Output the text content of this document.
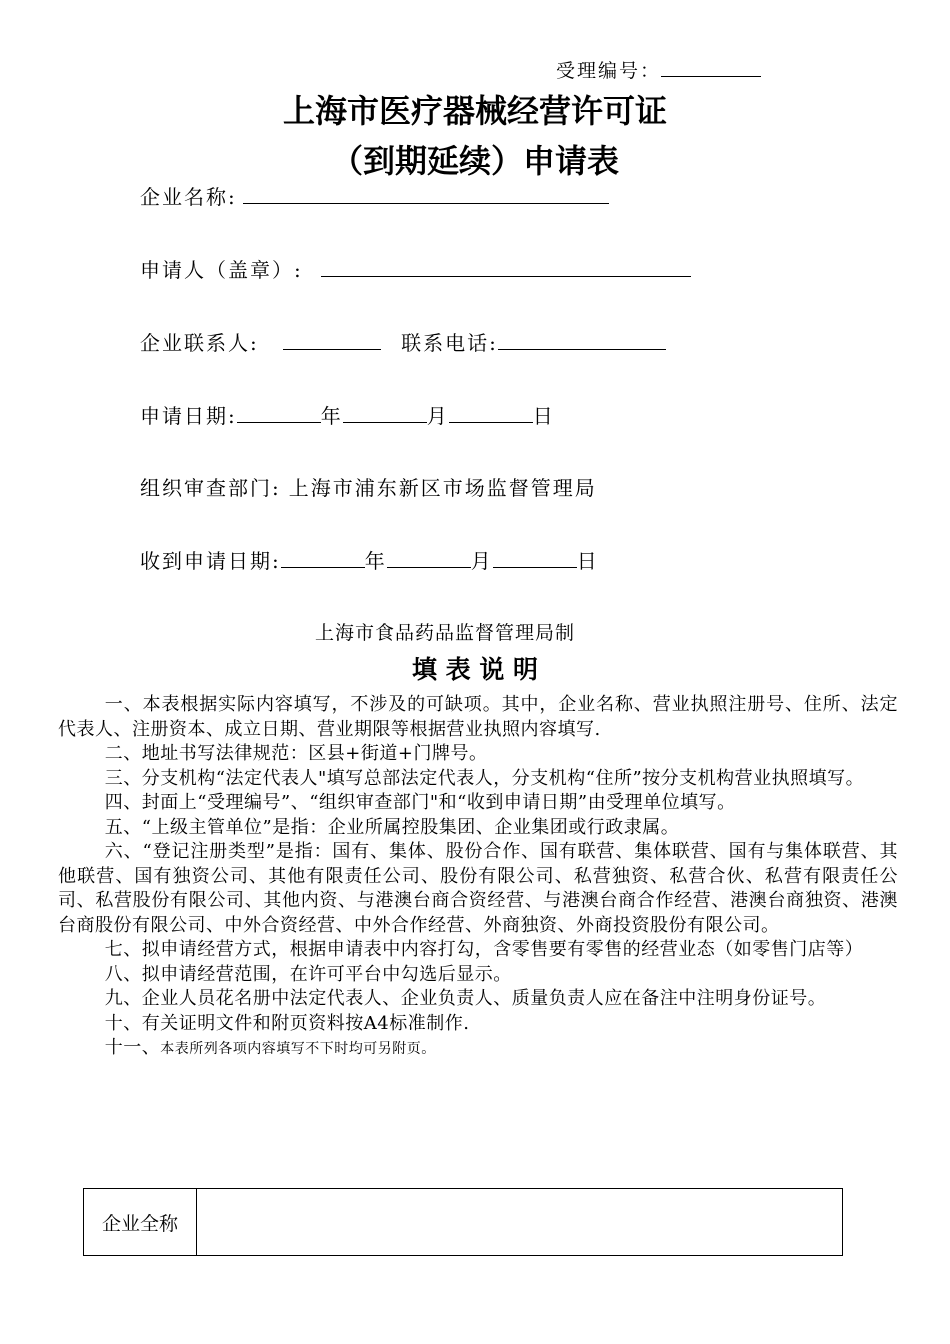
受理编号：
上海市医疗器械经营许可证
（到期延续）申请表
企业名称:
申请人（盖章）:
企业联系人:	联系电话:
申请日期:	年	月	日
组织审查部门: 上海市浦东新区市场监督管理局
收到申请日期:	年	月	日
上海市食品药品监督管理局制
填 表 说 明

一、本表根据实际内容填写，不涉及的可缺项。其中，企业名称、营业执照注册号、住所、法定代表人、注册资本、成立日期、营业期限等根据营业执照内容填写.

二、地址书写法律规范：区县+街道+门牌号。

三、分支机构“法定代表人"填写总部法定代表人，分支机构“住所”按分支机构营业执照填写。

四、封面上“受理编号”、“组织审查部门"和“收到申请日期”由受理单位填写。

五、“上级主管单位”是指：企业所属控股集团、企业集团或行政隶属。

六、“登记注册类型”是指：国有、集体、股份合作、国有联营、集体联营、国有与集体联营、其他联营、国有独资公司、其他有限责任公司、股份有限公司、私营独资、私营合伙、私营有限责任公司、私营股份有限公司、其他内资、与港澳台商合资经营、与港澳台商合作经营、港澳台商独资、港澳台商股份有限公司、中外合资经营、中外合作经营、外商独资、外商投资股份有限公司。

七、拟申请经营方式，根据申请表中内容打勾，含零售要有零售的经营业态（如零售门店等）

八、拟申请经营范围，在许可平台中勾选后显示。

九、企业人员花名册中法定代表人、企业负责人、质量负责人应在备注中注明身份证号。

十、有关证明文件和附页资料按A4标准制作.

十一、本表所列各项内容填写不下时均可另附页。

企业全称	
